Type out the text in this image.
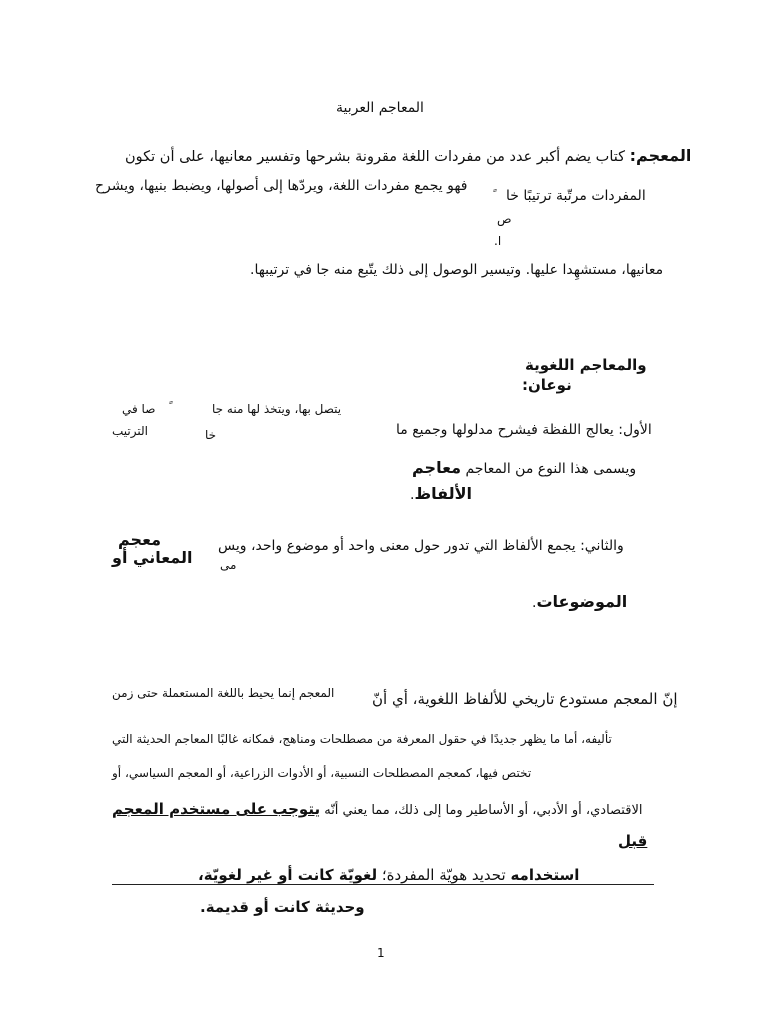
المعاجم العربية
المعجم: كتاب يضم أكبر عدد من مفردات اللغة مقرونة بشرحها وتفسير معانيها، على أن تكون
المفردات مرتّبة ترتيبًا خا
فهو يجمع مفردات اللغة، ويردّها إلى أصولها، ويضبط بنيها، ويشرح
ص
ا.
معانيها، مستشهِدا عليها. وتيسير الوصول إلى ذلك يتّبع منه جا في ترتيبها.
والمعاجم اللغوية
نوعان:
الأول: يعالج اللفظة فيشرح مدلولها وجميع ما
يتصل بها، ويتخذ لها منه جا
صا في
خا
الترتيب
ويسمى هذا النوع من المعاجم معاجم
الألفاظ.
والثاني: يجمع الألفاظ التي تدور حول معنى واحد أو موضوع واحد، ويس
مى
معجم
المعاني أو
الموضوعات.
إنّ المعجم مستودع تاريخي للألفاظ اللغوية، أي أنّ
المعجم إنما يحيط باللغة المستعملة حتى زمن
تأليفه، أما ما يظهر جديدًا في حقول المعرفة من مصطلحات ومناهج، فمكانه غالبًا المعاجم الحديثة التي
تختص فيها، كمعجم المصطلحات النسبية، أو الأدوات الزراعية، أو المعجم السياسي، أو
الاقتصادي، أو الأدبي، أو الأساطير وما إلى ذلك، مما يعني أنّه يتوجب على مستخدم المعجم
قبل
استخدامه تحديد هويّة المفردة؛ لغويّة كانت أو غير لغويّة،
وحديثة كانت أو قديمة.
1
